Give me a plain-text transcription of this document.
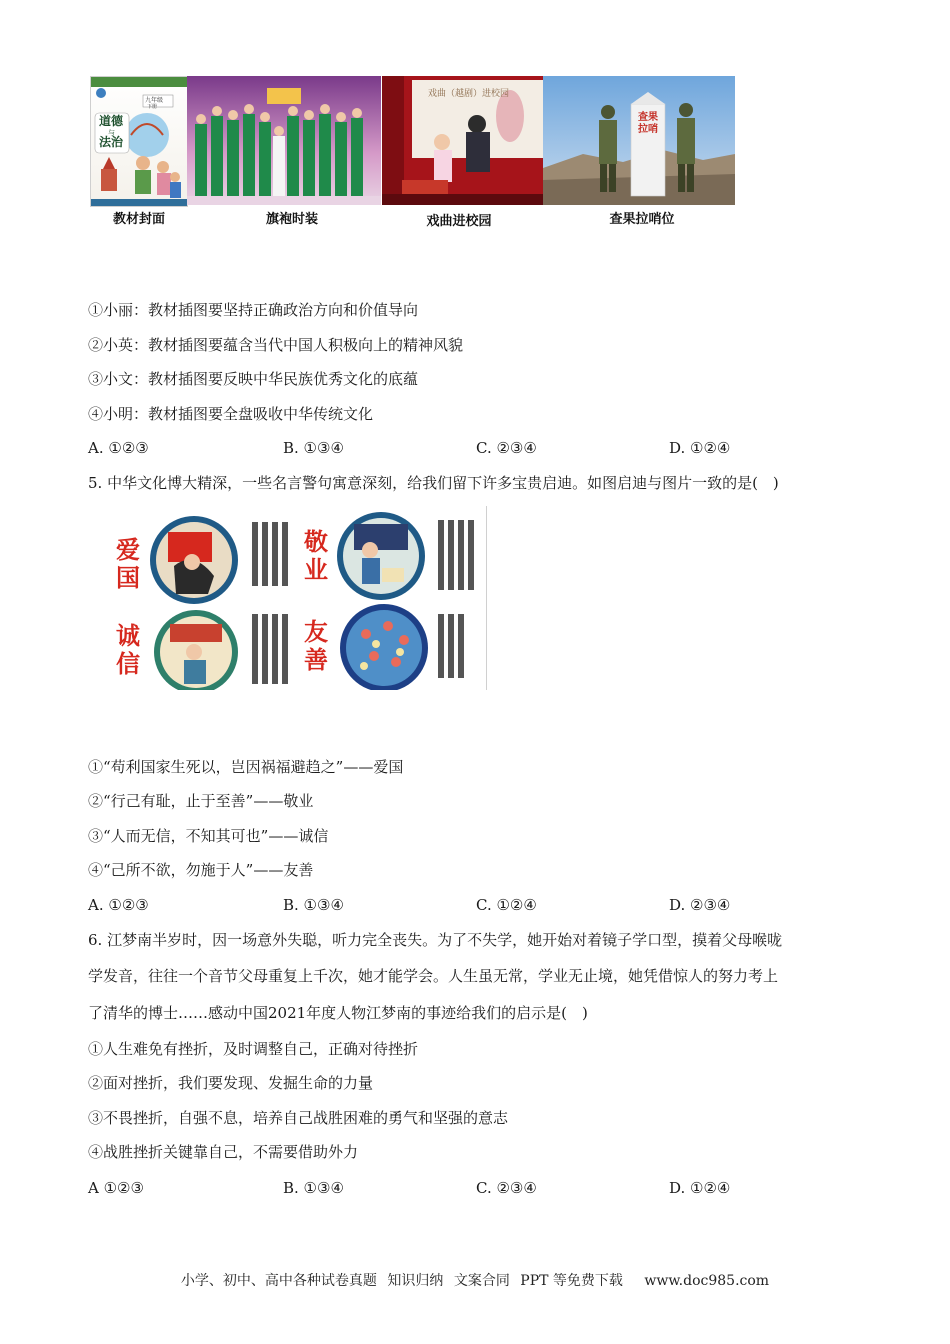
九年级
下册
道德
与
法治
戏曲（越剧）进校园
查果拉哨
教材封面	旗袍时装	戏曲进校园	查果拉哨位
①小丽：教材插图要坚持正确政治方向和价值导向
②小英：教材插图要蕴含当代中国人积极向上的精神风貌
③小文：教材插图要反映中华民族优秀文化的底蕴
④小明：教材插图要全盘吸收中华传统文化
A. ①②③	B. ①③④	C. ②③④	D. ①②④
5. 中华文化博大精深，一些名言警句寓意深刻，给我们留下许多宝贵启迪。如图启迪与图片一致的是(　)
爱国
敬业
诚信
友善
①“苟利国家生死以，岂因祸福避趋之”——爱国
②“行己有耻，止于至善”——敬业
③“人而无信，不知其可也”——诚信
④“己所不欲，勿施于人”——友善
A. ①②③	B. ①③④	C. ①②④	D. ②③④
6. 江梦南半岁时，因一场意外失聪，听力完全丧失。为了不失学，她开始对着镜子学口型，摸着父母喉咙
学发音，往往一个音节父母重复上千次，她才能学会。人生虽无常，学业无止境，她凭借惊人的努力考上
了清华的博士……感动中国2021年度人物江梦南的事迹给我们的启示是(　)
①人生难免有挫折，及时调整自己，正确对待挫折
②面对挫折，我们要发现、发掘生命的力量
③不畏挫折，自强不息，培养自己战胜困难的勇气和坚强的意志
④战胜挫折关键靠自己，不需要借助外力
A ①②③	B. ①③④	C. ②③④	D. ①②④
小学、初中、高中各种试卷真题 知识归纳 文案合同 PPT 等免费下载 www.doc985.com
